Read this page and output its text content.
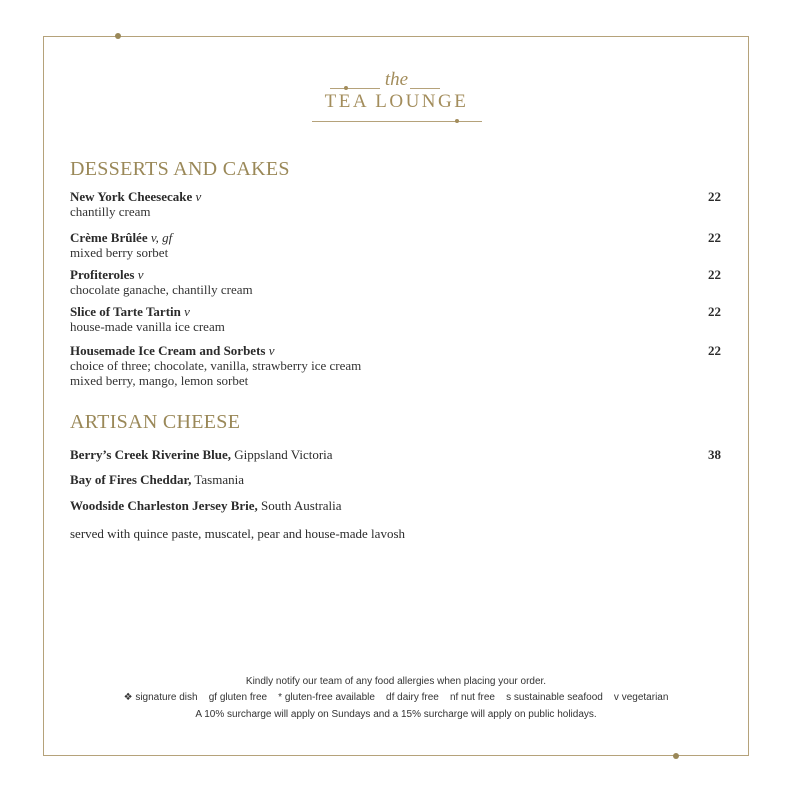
the
TEA LOUNGE
DESSERTS AND CAKES
New York Cheesecake v
chantilly cream
22
Crème Brûlée v, gf
mixed berry sorbet
22
Profiteroles v
chocolate ganache, chantilly cream
22
Slice of Tarte Tartin v
house-made vanilla ice cream
22
Housemade Ice Cream and Sorbets v
choice of three; chocolate, vanilla, strawberry ice cream
mixed berry, mango, lemon sorbet
22
ARTISAN CHEESE
Berry’s Creek Riverine Blue, Gippsland Victoria	38
Bay of Fires Cheddar, Tasmania
Woodside Charleston Jersey Brie, South Australia
served with quince paste, muscatel, pear and house-made lavosh
Kindly notify our team of any food allergies when placing your order.
❖ signature dish    gf gluten free    * gluten-free available    df dairy free    nf nut free    s sustainable seafood    v vegetarian
A 10% surcharge will apply on Sundays and a 15% surcharge will apply on public holidays.
